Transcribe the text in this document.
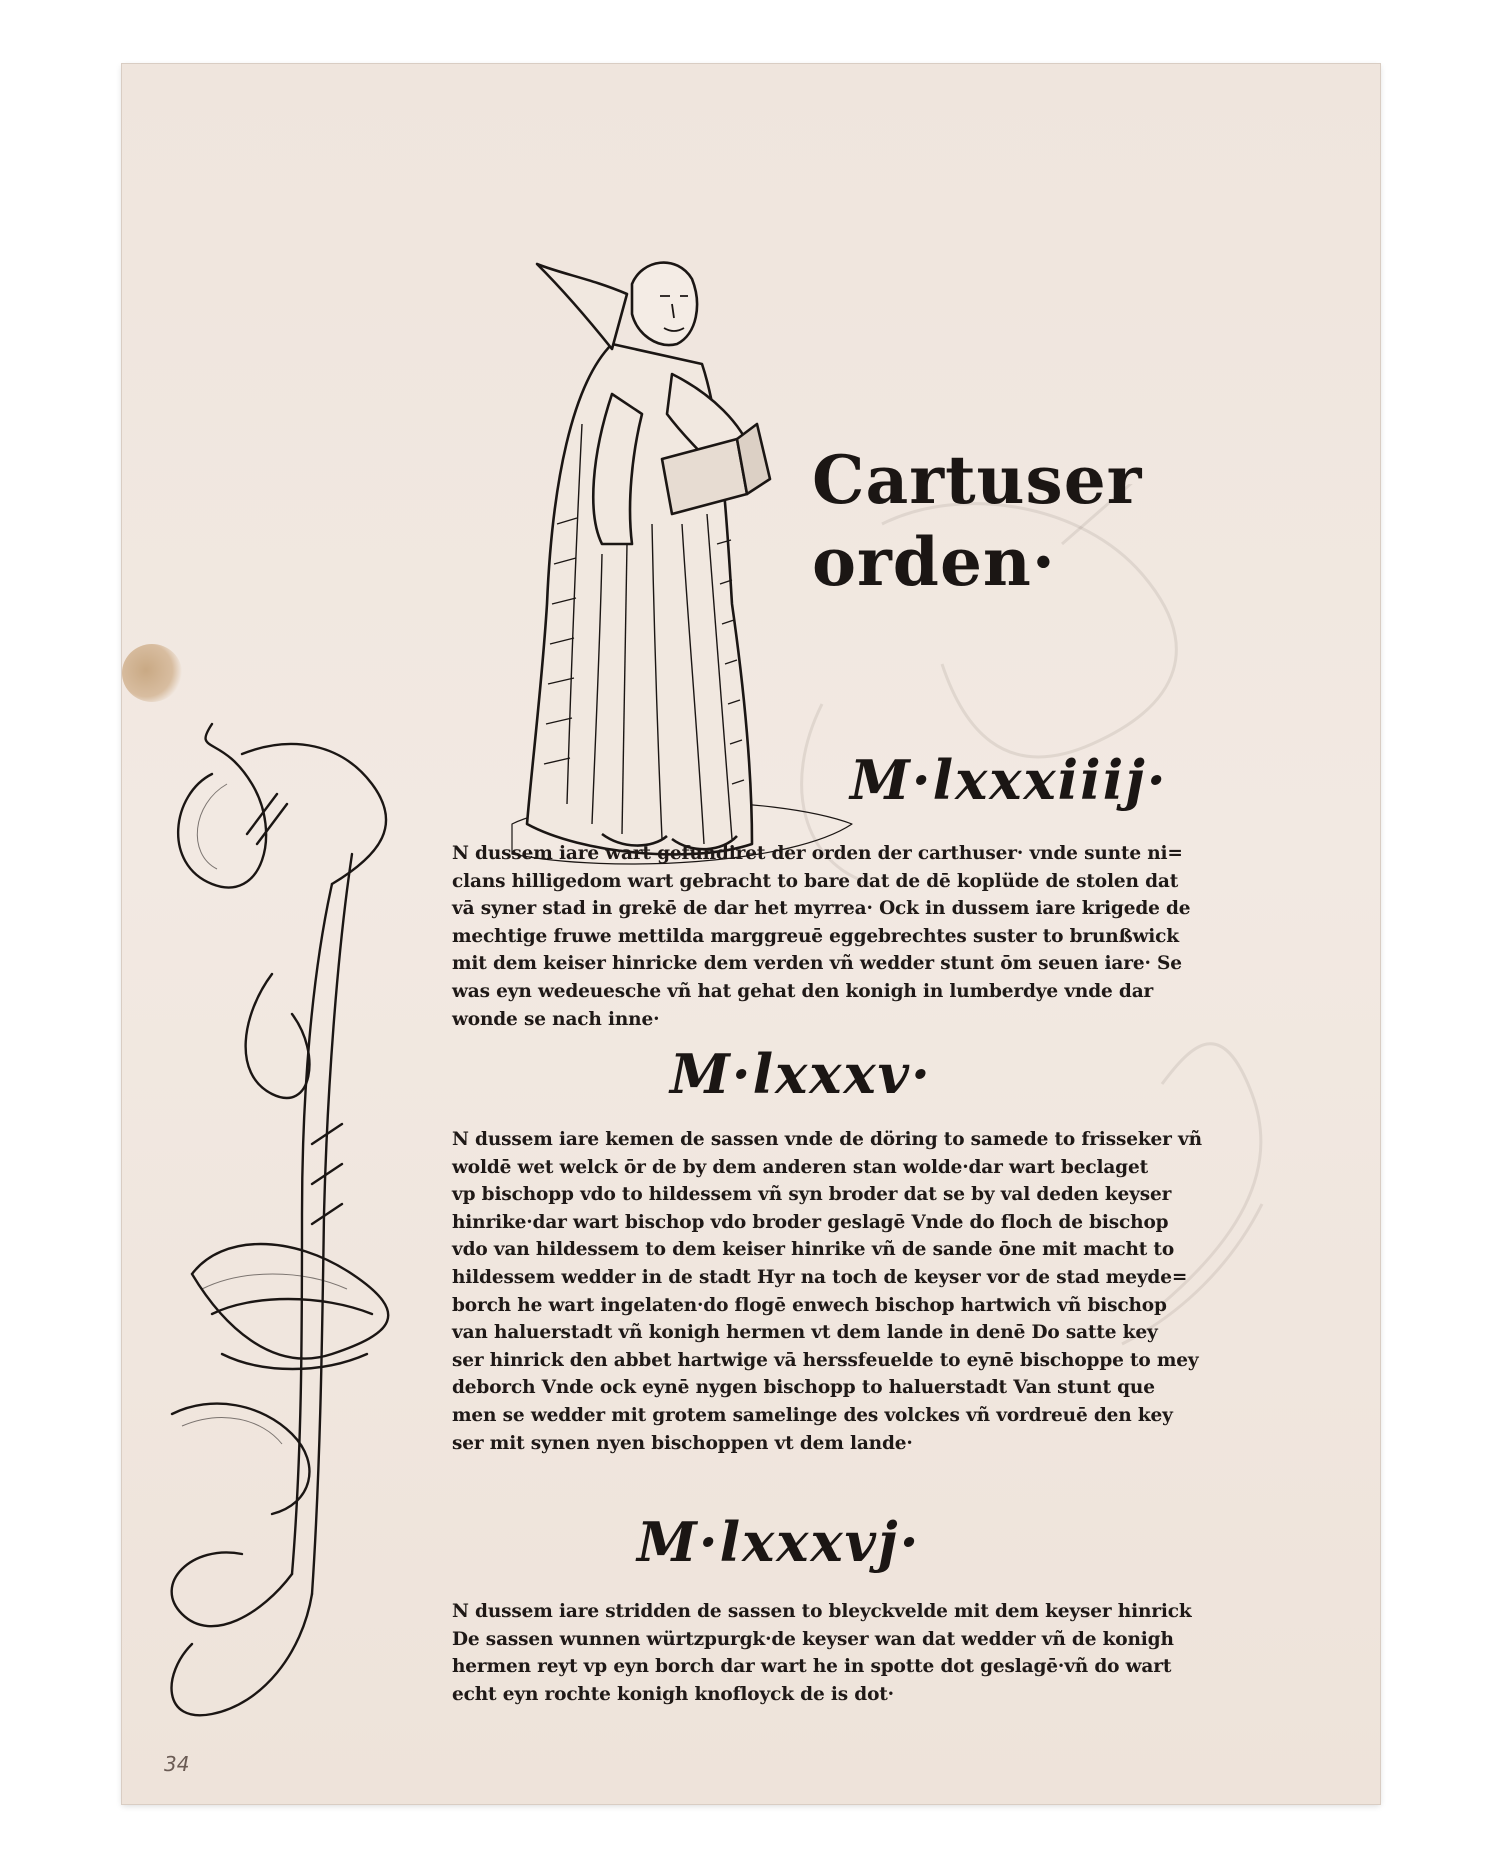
Cartuser
orden·
M·lxxxiiij·
N dussem iare wart gefundiret der orden der carthuser· vnde sunte ni=
clans hilligedom wart gebracht to bare dat de dē koplüde de stolen dat
vā syner stad in grekē de dar het myrrea· Ock in dussem iare krigede de
mechtige fruwe mettilda marggreuē eggebrechtes suster to brunßwick
mit dem keiser hinricke dem verden vñ wedder stunt ōm seuen iare· Se
was eyn wedeuesche vñ hat gehat den konigh in lumberdye vnde dar
wonde se nach inne·
M·lxxxv·
N dussem iare kemen de sassen vnde de döring to samede to frisseker vñ
woldē wet welck ōr de by dem anderen stan wolde·dar wart beclaget
vp bischopp vdo to hildessem vñ syn broder dat se by val deden keyser
hinrike·dar wart bischop vdo broder geslagē Vnde do floch de bischop
vdo van hildessem to dem keiser hinrike vñ de sande ōne mit macht to
hildessem wedder in de stadt Hyr na toch de keyser vor de stad meyde=
borch he wart ingelaten·do flogē enwech bischop hartwich vñ bischop
van haluerstadt vñ konigh hermen vt dem lande in denē Do satte key
ser hinrick den abbet hartwige vā herssfeuelde to eynē bischoppe to mey
deborch Vnde ock eynē nygen bischopp to haluerstadt Van stunt que
men se wedder mit grotem samelinge des volckes vñ vordreuē den key
ser mit synen nyen bischoppen vt dem lande·
M·lxxxvj·
N dussem iare stridden de sassen to bleyckvelde mit dem keyser hinrick
De sassen wunnen würtzpurgk·de keyser wan dat wedder vñ de konigh
hermen reyt vp eyn borch dar wart he in spotte dot geslagē·vñ do wart
echt eyn rochte konigh knofloyck de is dot·
34
